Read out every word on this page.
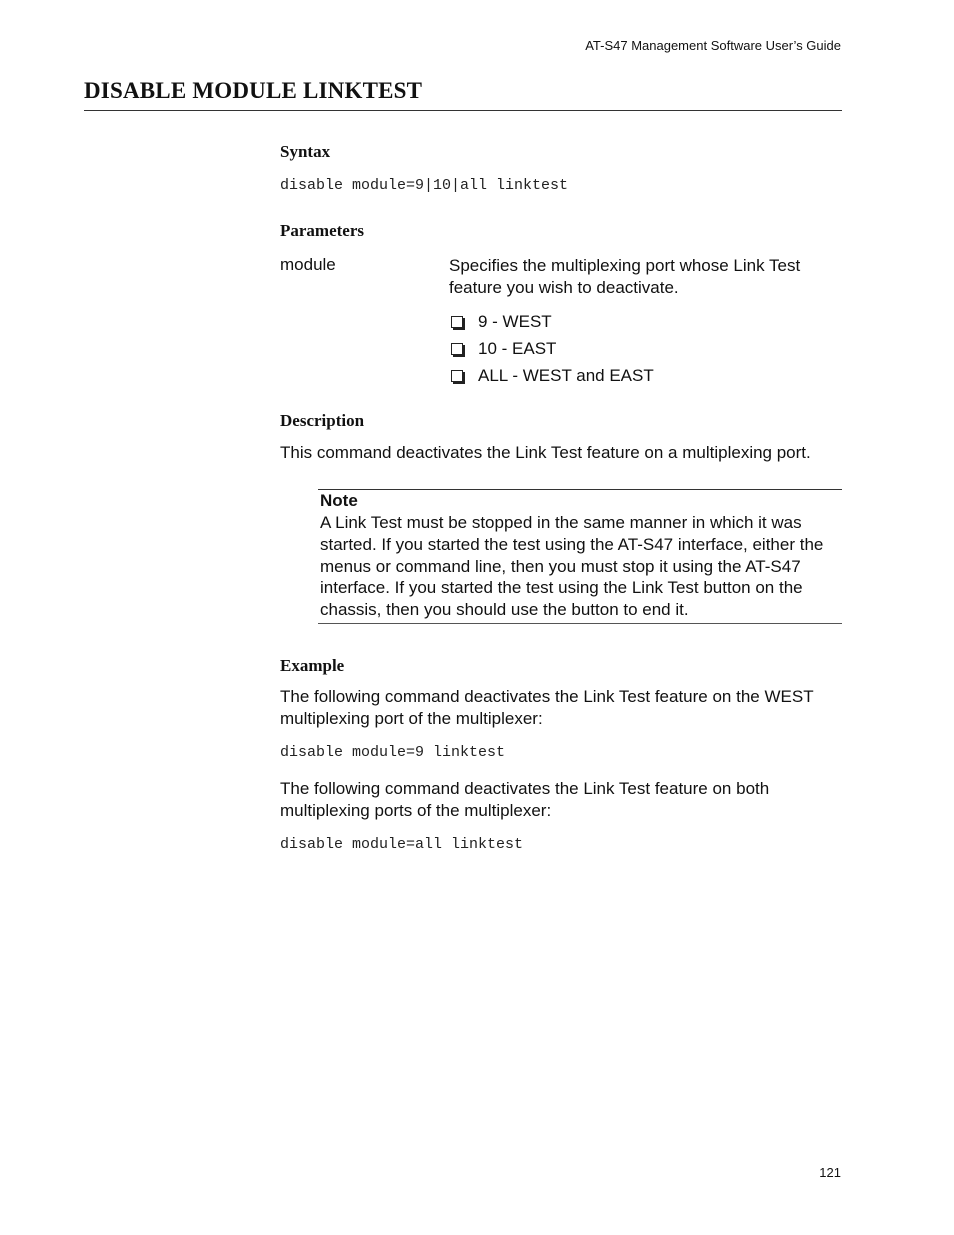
AT-S47 Management Software User’s Guide
DISABLE MODULE LINKTEST
Syntax
disable module=9|10|all linktest
Parameters
module	Specifies the multiplexing port whose Link Test feature you wish to deactivate.

9 - WEST
10 - EAST
ALL - WEST and EAST
Description

This command deactivates the Link Test feature on a multiplexing port.

Note

A Link Test must be stopped in the same manner in which it was started. If you started the test using the AT-S47 interface, either the menus or command line, then you must stop it using the AT-S47 interface. If you started the test using the Link Test button on the chassis, then you should use the button to end it.

Example

The following command deactivates the Link Test feature on the WEST multiplexing port of the multiplexer:

disable module=9 linktest

The following command deactivates the Link Test feature on both multiplexing ports of the multiplexer:

disable module=all linktest
121
